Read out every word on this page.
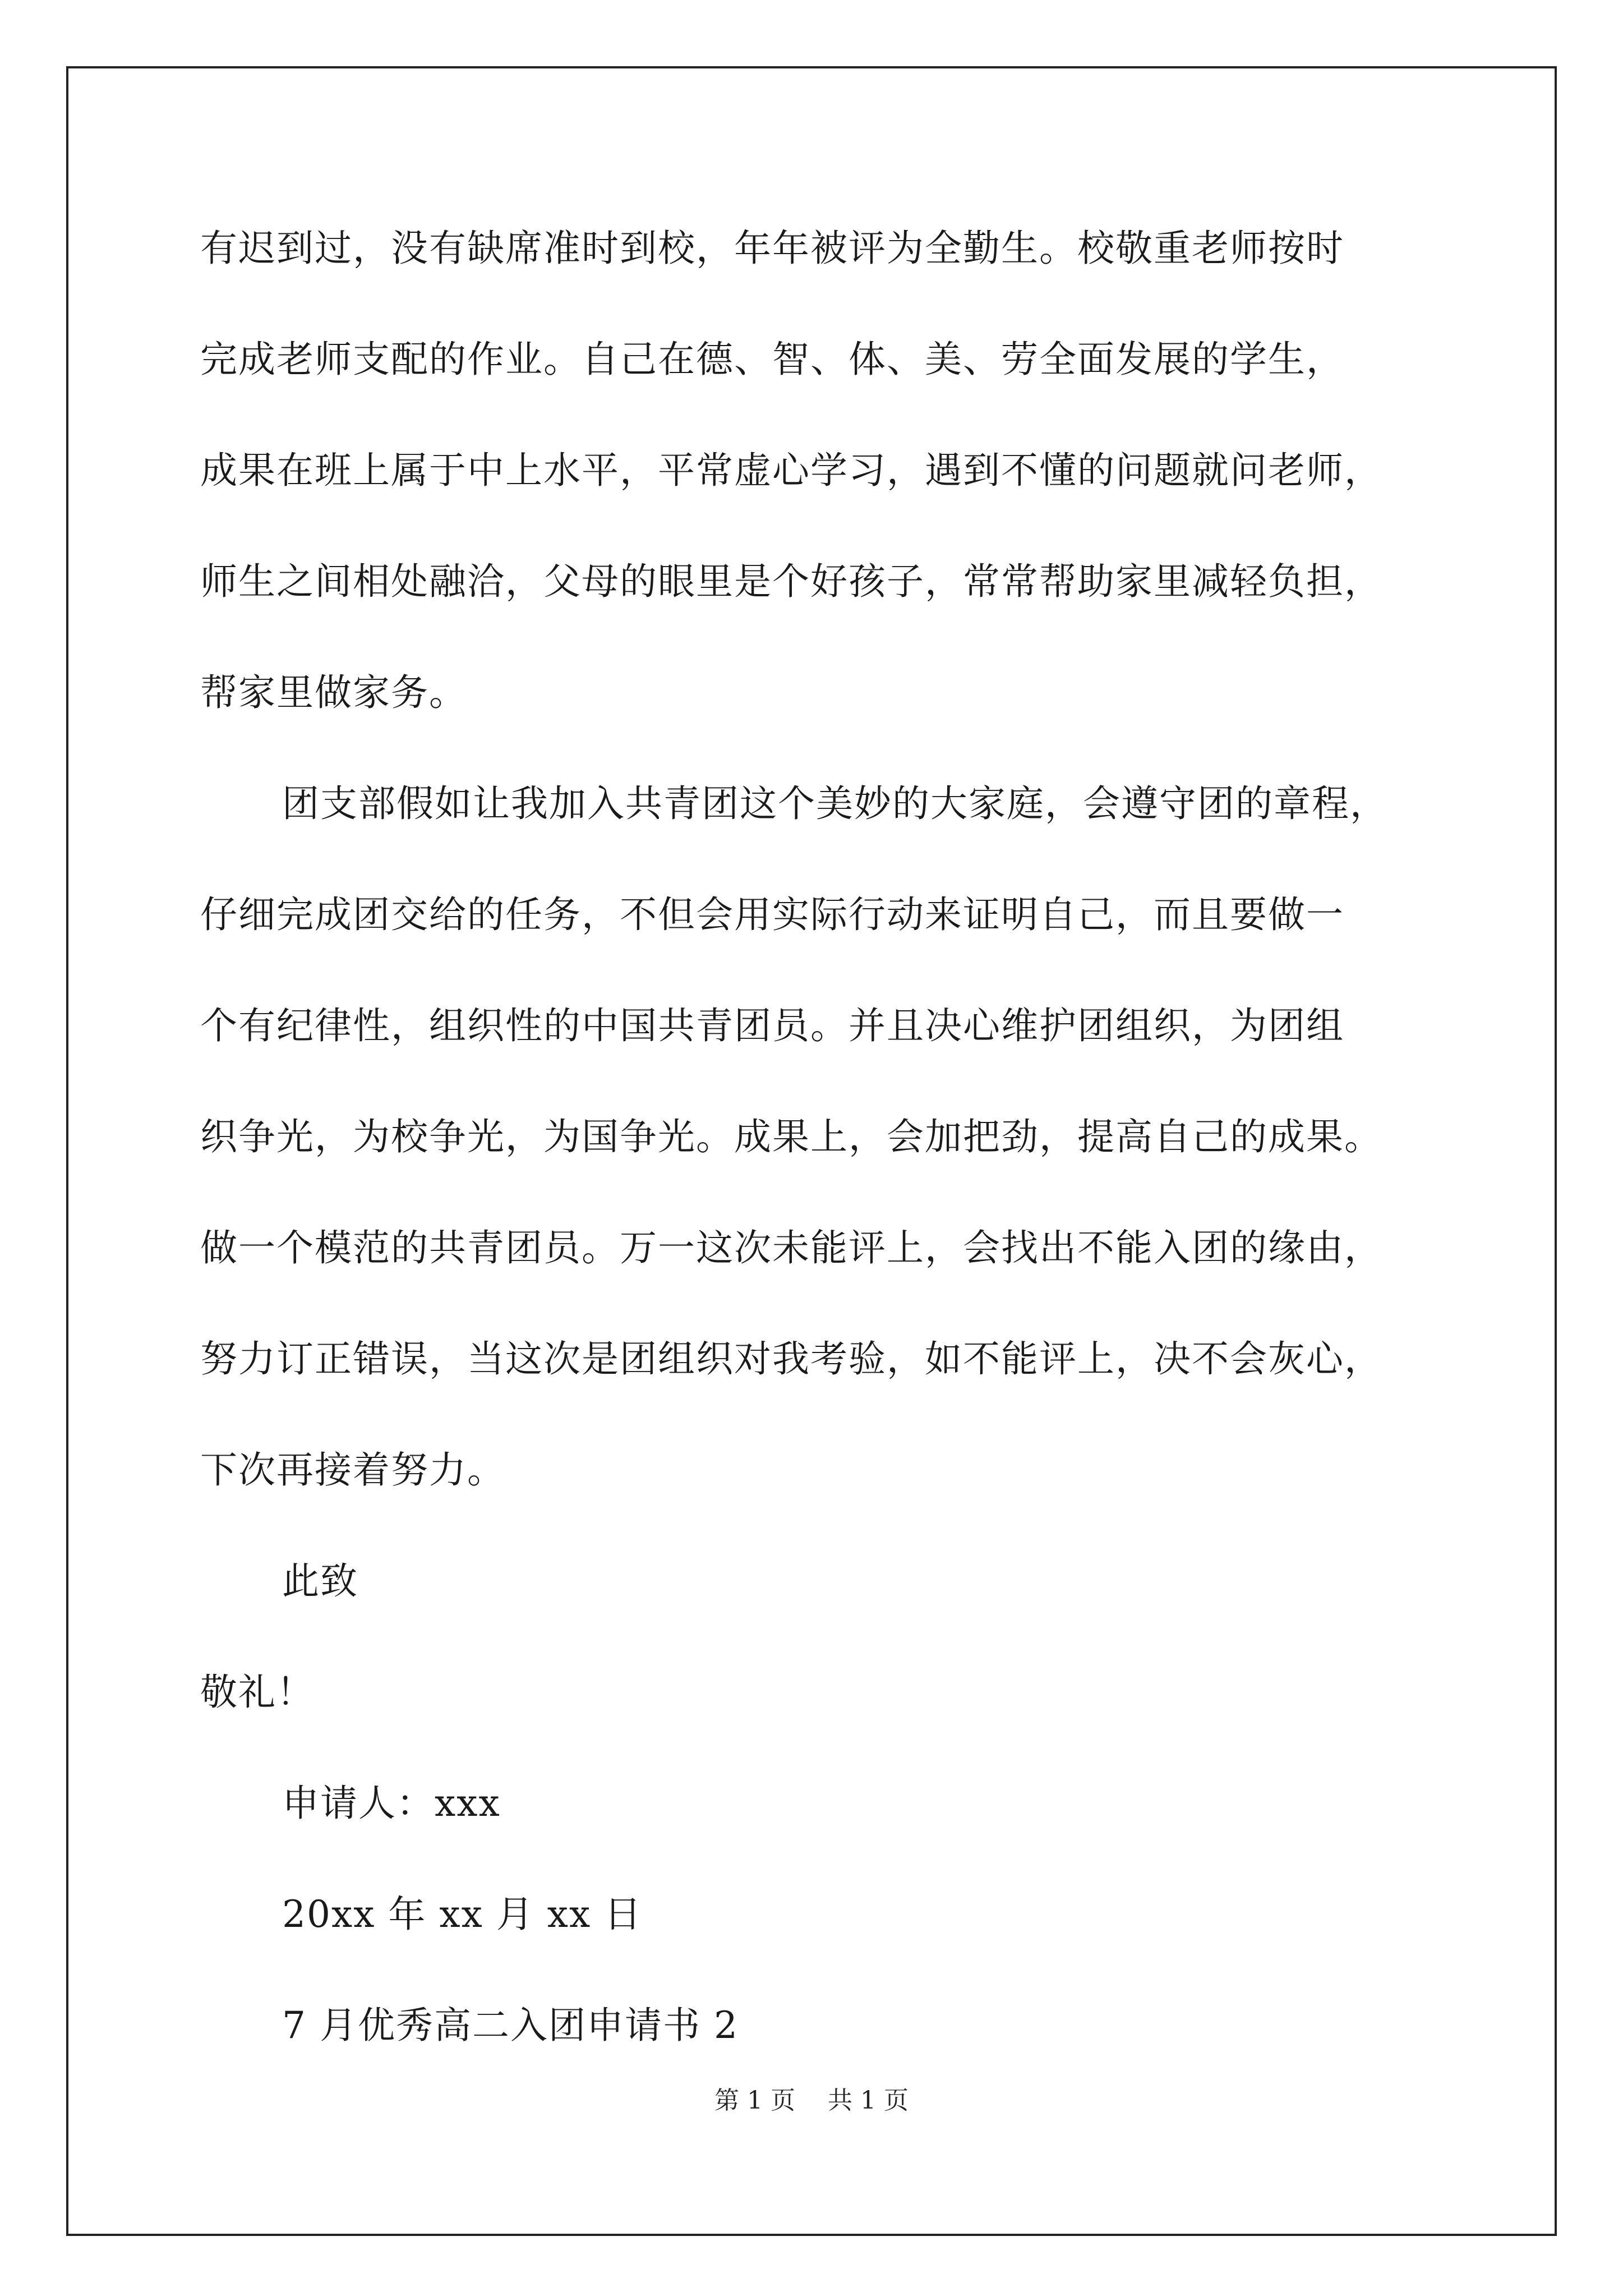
有迟到过，没有缺席准时到校，年年被评为全勤生。校敬重老师按时
完成老师支配的作业。自己在德、智、体、美、劳全面发展的学生，
成果在班上属于中上水平，平常虚心学习，遇到不懂的问题就问老师，
师生之间相处融洽，父母的眼里是个好孩子，常常帮助家里减轻负担，
帮家里做家务。
团支部假如让我加入共青团这个美妙的大家庭，会遵守团的章程，
仔细完成团交给的任务，不但会用实际行动来证明自己，而且要做一
个有纪律性，组织性的中国共青团员。并且决心维护团组织，为团组
织争光，为校争光，为国争光。成果上，会加把劲，提高自己的成果。
做一个模范的共青团员。万一这次未能评上，会找出不能入团的缘由，
努力订正错误，当这次是团组织对我考验，如不能评上，决不会灰心，
下次再接着努力。
此致
敬礼！
申请人：xxx
20xx 年 xx 月 xx 日
7 月优秀高二入团申请书 2
第 1 页 共 1 页
